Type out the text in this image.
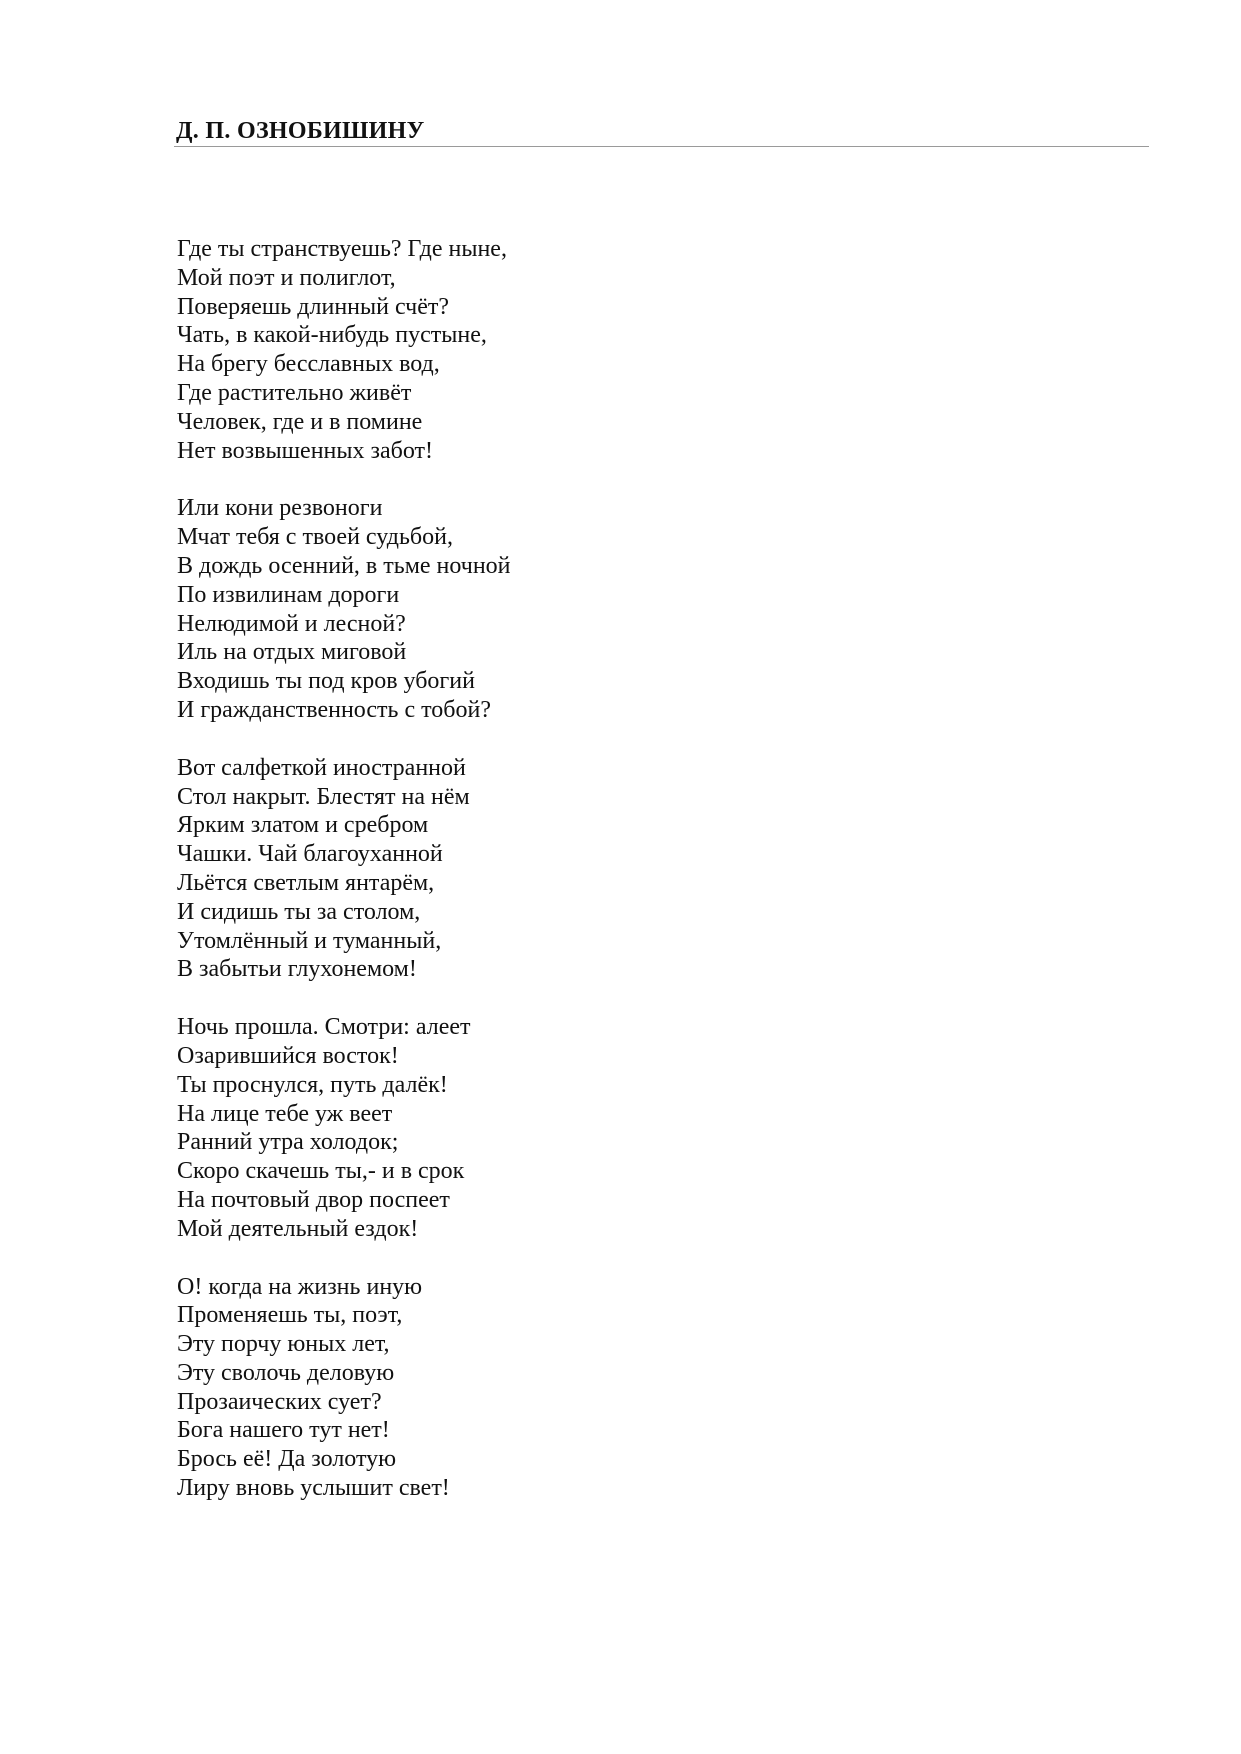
Д. П. ОЗНОБИШИНУ
Где ты странствуешь? Где ныне,
Мой поэт и полиглот,
Поверяешь длинный счёт?
Чать, в какой-нибудь пустыне,
На брегу бесславных вод,
Где растительно живёт
Человек, где и в помине
Нет возвышенных забот!
Или кони резвоноги
Мчат тебя с твоей судьбой,
В дождь осенний, в тьме ночной
По извилинам дороги
Нелюдимой и лесной?
Иль на отдых миговой
Входишь ты под кров убогий
И гражданственность с тобой?
Вот салфеткой иностранной
Стол накрыт. Блестят на нём
Ярким златом и сребром
Чашки. Чай благоуханной
Льётся светлым янтарём,
И сидишь ты за столом,
Утомлённый и туманный,
В забытьи глухонемом!
Ночь прошла. Смотри: алеет
Озарившийся восток!
Ты проснулся, путь далёк!
На лице тебе уж веет
Ранний утра холодок;
Скоро скачешь ты,- и в срок
На почтовый двор поспеет
Мой деятельный ездок!
О! когда на жизнь иную
Променяешь ты, поэт,
Эту порчу юных лет,
Эту сволочь деловую
Прозаических сует?
Бога нашего тут нет!
Брось её! Да золотую
Лиру вновь услышит свет!
